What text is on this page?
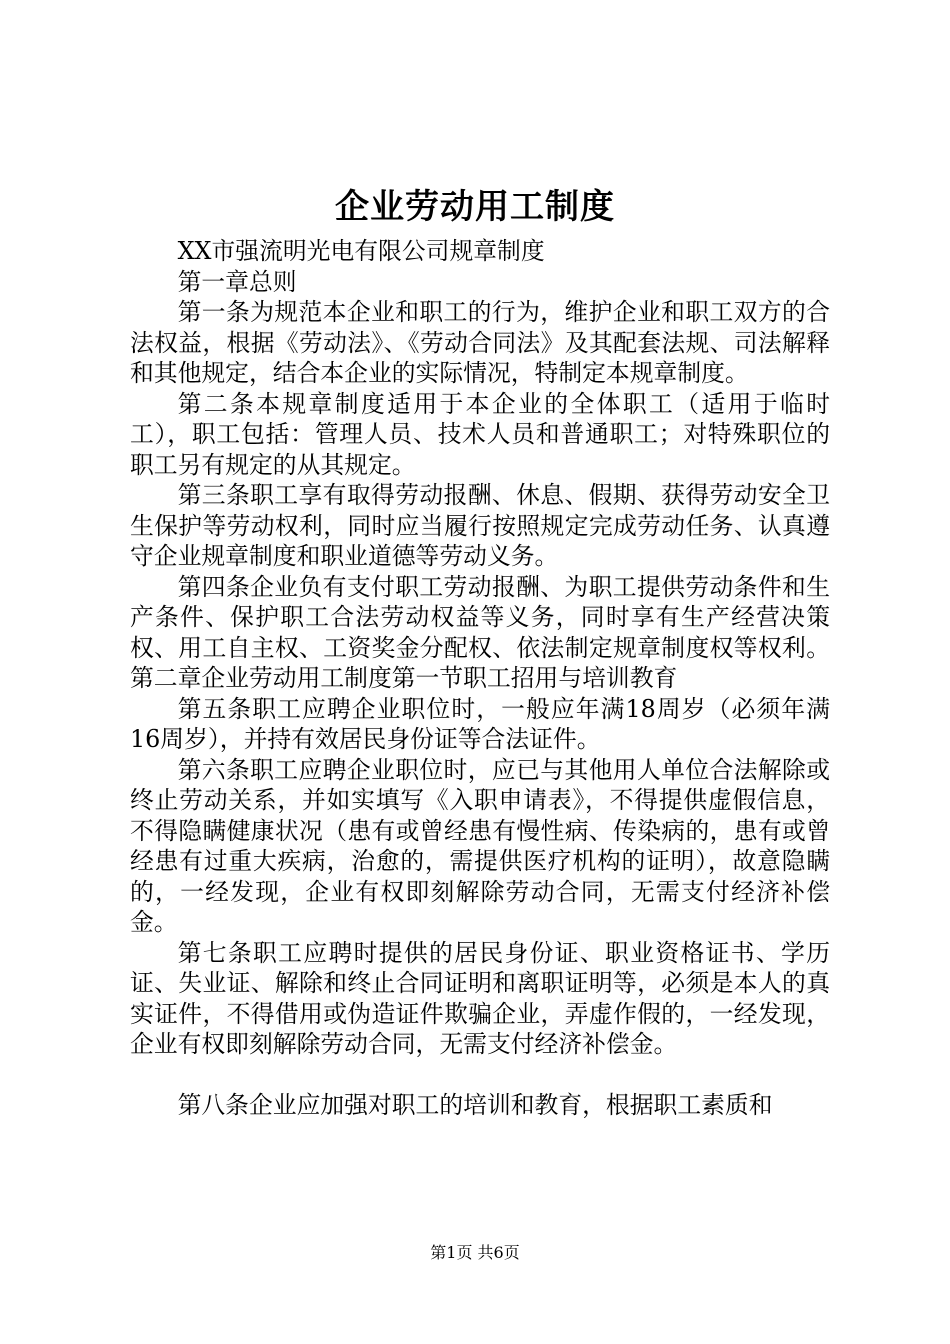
企业劳动用工制度

XX市强流明光电有限公司规章制度

第一章总则

第一条为规范本企业和职工的行为，维护企业和职工双方的合法权益，根据《劳动法》、《劳动合同法》及其配套法规、司法解释和其他规定，结合本企业的实际情况，特制定本规章制度。

第二条本规章制度适用于本企业的全体职工（适用于临时工），职工包括：管理人员、技术人员和普通职工；对特殊职位的职工另有规定的从其规定。

第三条职工享有取得劳动报酬、休息、假期、获得劳动安全卫生保护等劳动权利，同时应当履行按照规定完成劳动任务、认真遵守企业规章制度和职业道德等劳动义务。

第四条企业负有支付职工劳动报酬、为职工提供劳动条件和生产条件、保护职工合法劳动权益等义务，同时享有生产经营决策权、用工自主权、工资奖金分配权、依法制定规章制度权等权利。第二章企业劳动用工制度第一节职工招用与培训教育

第五条职工应聘企业职位时，一般应年满18周岁（必须年满16周岁），并持有效居民身份证等合法证件。

第六条职工应聘企业职位时，应已与其他用人单位合法解除或终止劳动关系，并如实填写《入职申请表》，不得提供虚假信息，不得隐瞒健康状况（患有或曾经患有慢性病、传染病的，患有或曾经患有过重大疾病，治愈的，需提供医疗机构的证明），故意隐瞒的，一经发现，企业有权即刻解除劳动合同，无需支付经济补偿金。

第七条职工应聘时提供的居民身份证、职业资格证书、学历证、失业证、解除和终止合同证明和离职证明等，必须是本人的真实证件，不得借用或伪造证件欺骗企业，弄虚作假的，一经发现，企业有权即刻解除劳动合同，无需支付经济补偿金。

第八条企业应加强对职工的培训和教育，根据职工素质和

第1页 共6页
